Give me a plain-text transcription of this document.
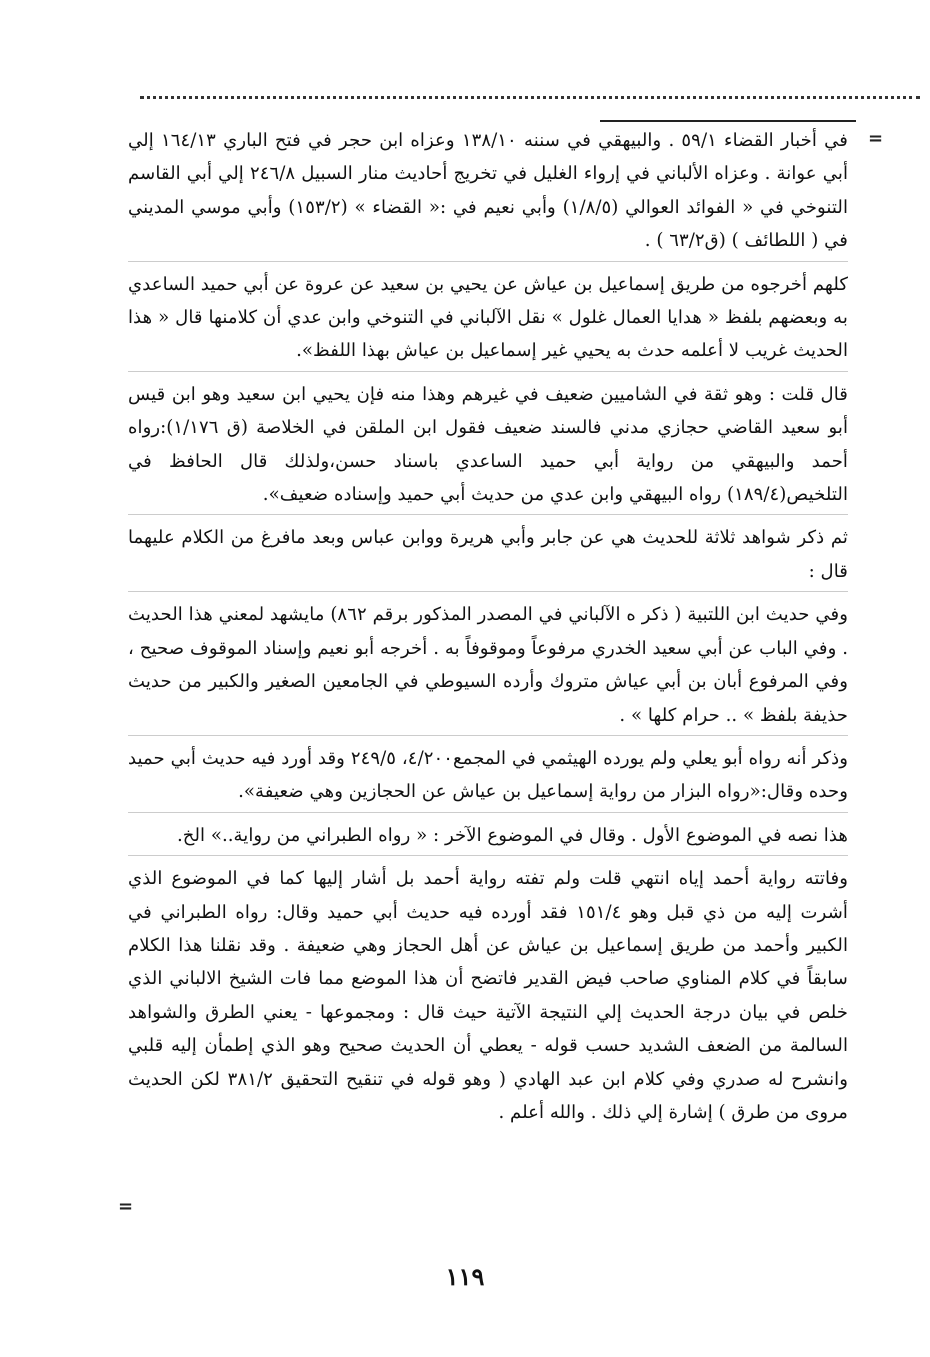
=

في أخبار القضاء ٥٩/١ . والبيهقي في سننه ١٣٨/١٠ وعزاه ابن حجر في فتح الباري ١٦٤/١٣ إلي أبي عوانة . وعزاه الألباني في إرواء الغليل في تخريج أحاديث منار السبيل ٢٤٦/٨ إلي أبي القاسم التنوخي في « الفوائد العوالي (١/٨/٥) وأبي نعيم في :« القضاء » (١٥٣/٢) وأبي موسي المديني في ( اللطائف ) (ق٦٣/٢ ) .

كلهم أخرجوه من طريق إسماعيل بن عياش عن يحيي بن سعيد عن عروة عن أبي حميد الساعدي به وبعضهم بلفظ « هدايا العمال غلول » نقل الآلباني في التنوخي وابن عدي أن كلامنها قال « هذا الحديث غريب لا أعلمه حدث به يحيي غير إسماعيل بن عياش بهذا اللفظ».

قال قلت : وهو ثقة في الشاميين ضعيف في غيرهم وهذا منه فإن يحيي ابن سعيد وهو ابن قيس أبو سعيد القاضي حجازي مدني فالسند ضعيف فقول ابن الملقن في الخلاصة (ق ١/١٧٦):رواه أحمد والبيهقي من رواية أبي حميد الساعدي باسناد حسن،ولذلك قال الحافظ في التلخيص(١٨٩/٤) رواه البيهقي وابن عدي من حديث أبي حميد وإسناده ضعيف».

ثم ذكر شواهد ثلاثة للحديث هي عن جابر وأبي هريرة ووابن عباس وبعد مافرغ من الكلام عليهما قال :

وفي حديث ابن اللتبية ( ذكر ه الآلباني في المصدر المذكور برقم ٨٦٢) مايشهد لمعني هذا الحديث . وفي الباب عن أبي سعيد الخدري مرفوعاً وموقوفاً به . أخرجه أبو نعيم وإسناد الموقوف صحيح ، وفي المرفوع أبان بن أبي عياش متروك وأرده السيوطي في الجامعين الصغير والكبير من حديث حذيفة بلفظ » .. حرام كلها » .

وذكر أنه رواه أبو يعلي ولم يورده الهيثمي في المجمع٤/٢٠٠، ٢٤٩/٥ وقد أورد فيه حديث أبي حميد وحده وقال:«رواه البزار من رواية إسماعيل بن عياش عن الحجازين وهي ضعيفة».

هذا نصه في الموضوع الأول . وقال في الموضوع الآخر : « رواه الطبراني من رواية..» الخ.

وفاتته رواية أحمد إياه انتهي قلت ولم تفته رواية أحمد بل أشار إليها كما في الموضوع الذي أشرت إليه من ذي قبل وهو ١٥١/٤ فقد أورده فيه حديث أبي حميد وقال: رواه الطبراني في الكبير وأحمد من طريق إسماعيل بن عياش عن أهل الحجاز وهي ضعيفة . وقد نقلنا هذا الكلام سابقاً في كلام المناوي صاحب فيض القدير فاتضح أن هذا الموضع مما فات الشيخ الالباني الذي خلص في بيان درجة الحديث إلي النتيجة الآتية حيث قال : ومجموعها - يعني الطرق والشواهد السالمة من الضعف الشديد حسب قوله - يعطي أن الحديث صحيح وهو الذي إطمأن إليه قلبي وانشرح له صدري وفي كلام ابن عبد الهادي ( وهو قوله في تنقيح التحقيق ٣٨١/٢ لكن الحديث مروى من طرق ) إشارة إلي ذلك . والله أعلم .

=
١١٩
